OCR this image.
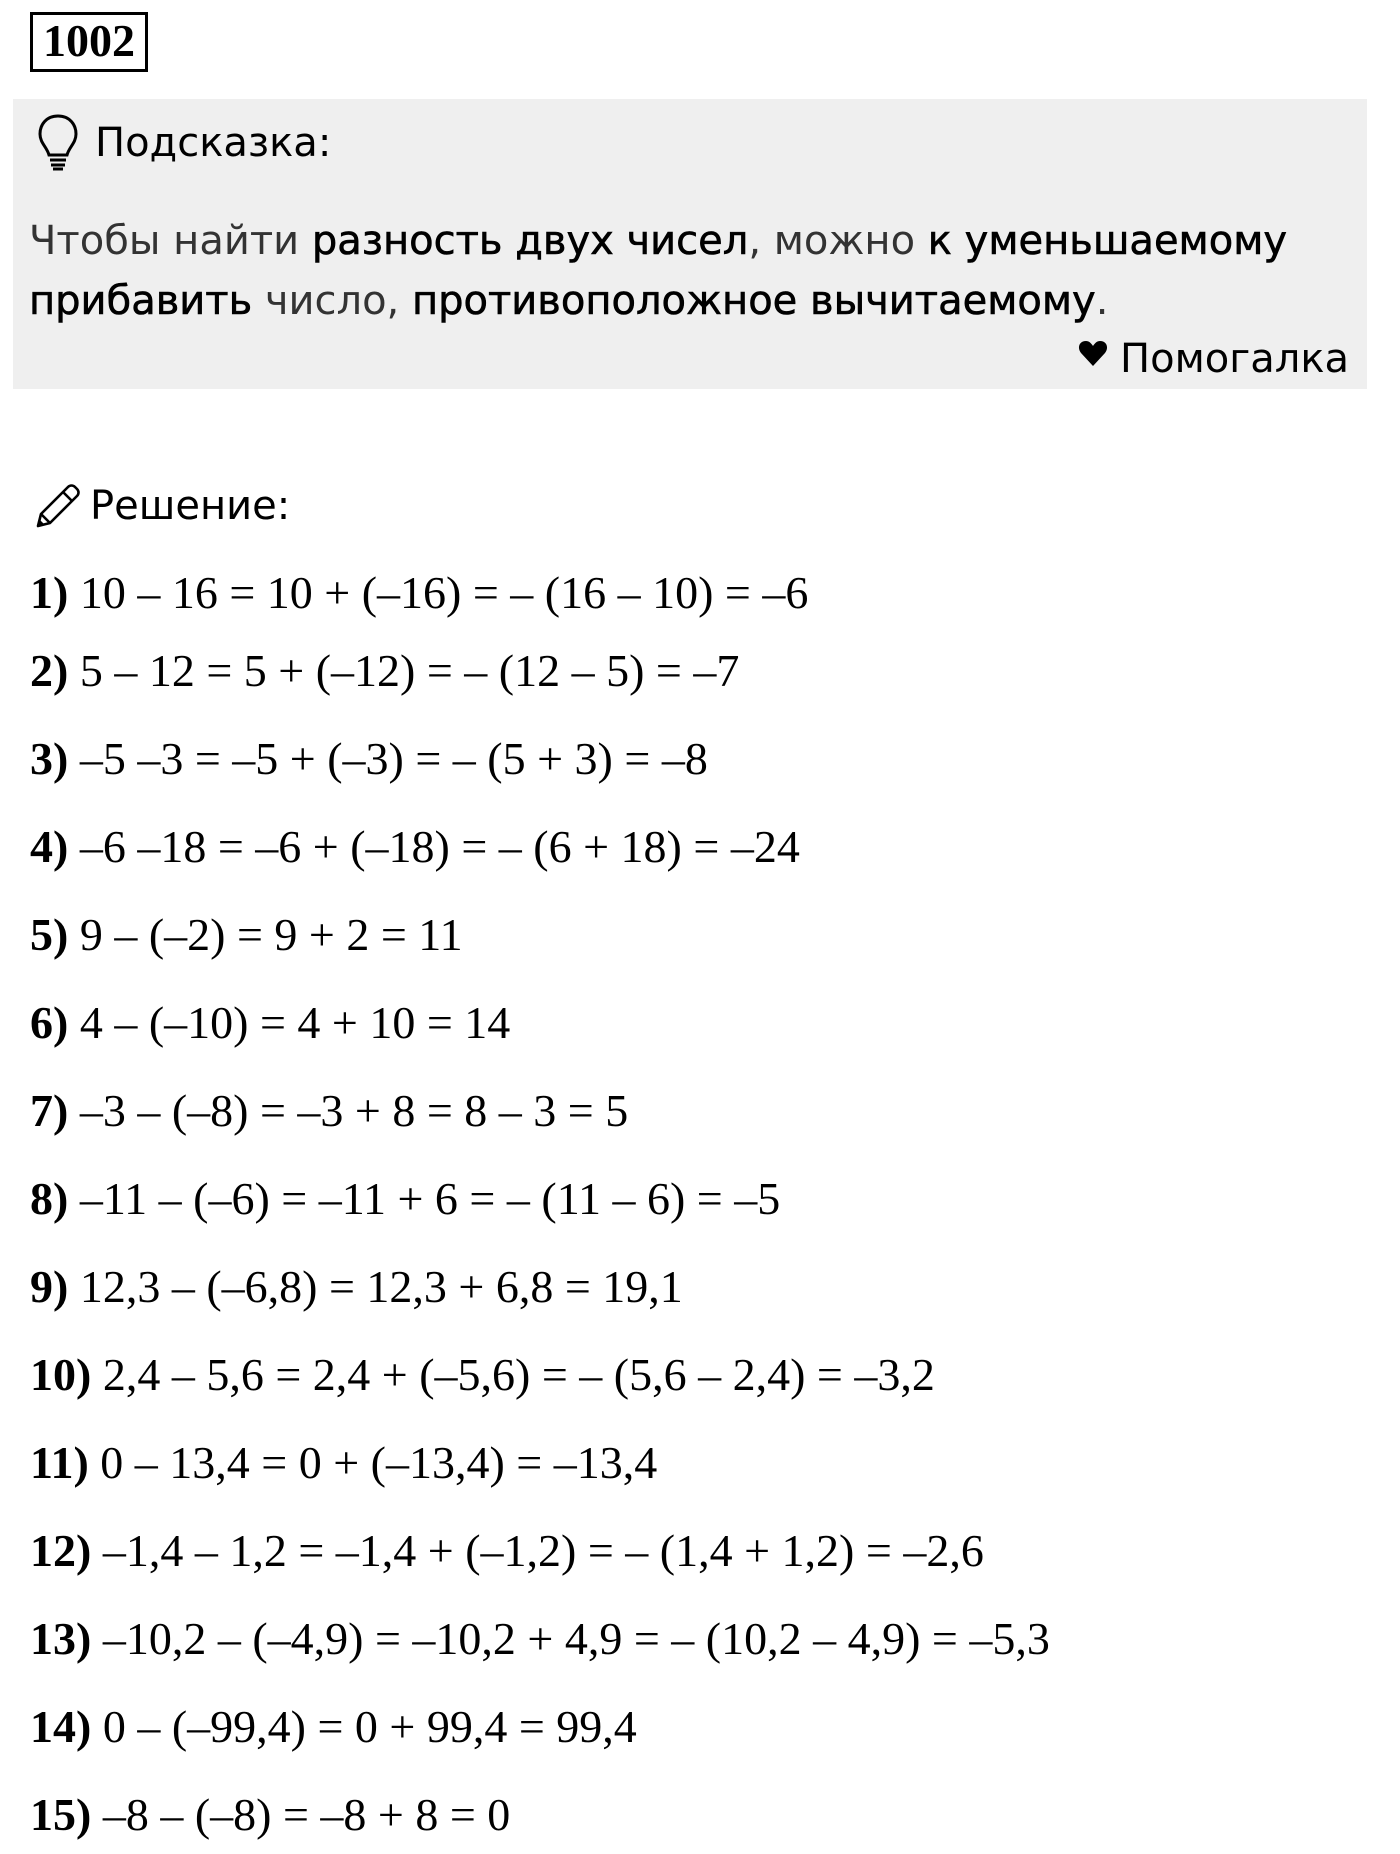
1002
Подсказка:
Чтобы найти разность двух чисел, можно к уменьшаемому прибавить число, противоположное вычитаемому.
Помогалка
Решение:
1) 10 – 16 = 10 + (–16) = – (16 – 10) = –6
2) 5 – 12 = 5 + (–12) = – (12 – 5) = –7
3) –5 –3 = –5 + (–3) = – (5 + 3) = –8
4) –6 –18 = –6 + (–18) = – (6 + 18) = –24
5) 9 – (–2) = 9 + 2 = 11
6) 4 – (–10) = 4 + 10 = 14
7) –3 – (–8) = –3 + 8 = 8 – 3 = 5
8) –11 – (–6) = –11 + 6 = – (11 – 6) = –5
9) 12,3 – (–6,8) = 12,3 + 6,8 = 19,1
10) 2,4 – 5,6 = 2,4 + (–5,6) = – (5,6 – 2,4) = –3,2
11) 0 – 13,4 = 0 + (–13,4) = –13,4
12) –1,4 – 1,2 = –1,4 + (–1,2) = – (1,4 + 1,2) = –2,6
13) –10,2 – (–4,9) = –10,2 + 4,9 = – (10,2 – 4,9) = –5,3
14) 0 – (–99,4) = 0 + 99,4 = 99,4
15) –8 – (–8) = –8 + 8 = 0
